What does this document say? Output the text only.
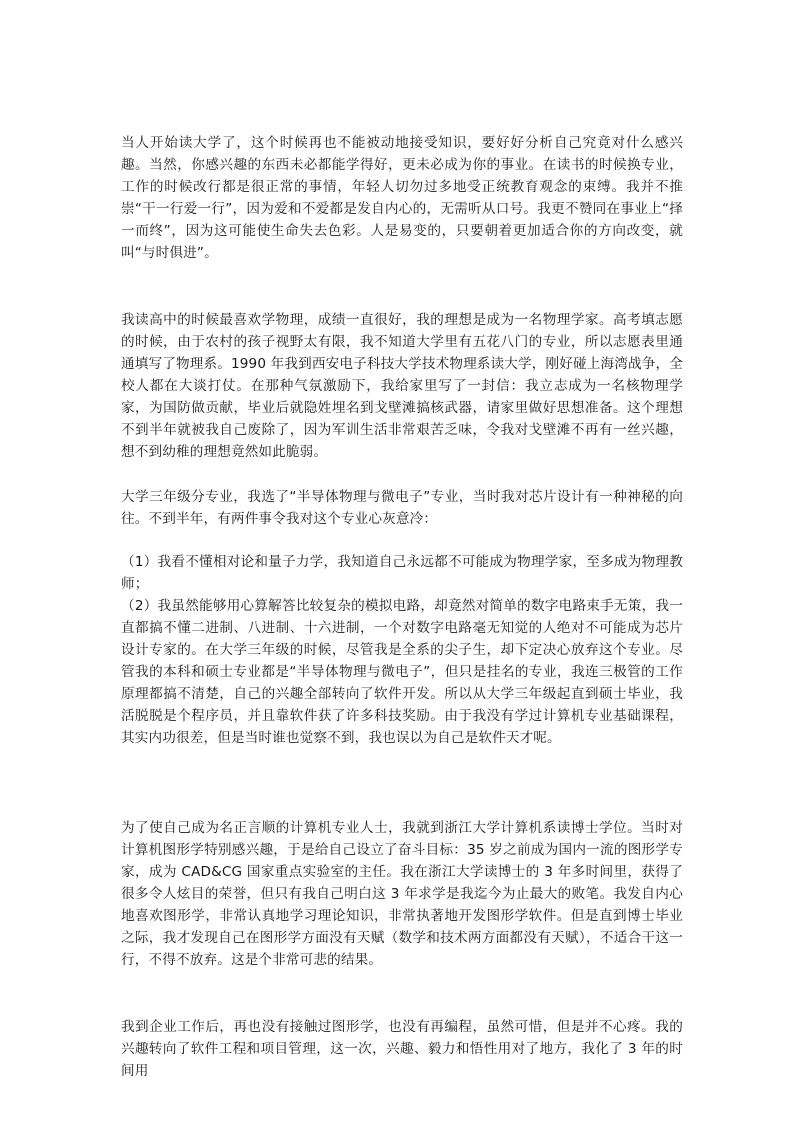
当人开始读大学了，这个时候再也不能被动地接受知识，要好好分析自己究竟对什么感兴趣。当然，你感兴趣的东西未必都能学得好，更未必成为你的事业。在读书的时候换专业，工作的时候改行都是很正常的事情，年轻人切勿过多地受正统教育观念的束缚。我并不推崇“干一行爱一行”，因为爱和不爱都是发自内心的，无需听从口号。我更不赞同在事业上“择一而终”，因为这可能使生命失去色彩。人是易变的，只要朝着更加适合你的方向改变，就叫“与时俱进”。

我读高中的时候最喜欢学物理，成绩一直很好，我的理想是成为一名物理学家。高考填志愿的时候，由于农村的孩子视野太有限，我不知道大学里有五花八门的专业，所以志愿表里通通填写了物理系。1990 年我到西安电子科技大学技术物理系读大学，刚好碰上海湾战争，全校人都在大谈打仗。在那种气氛激励下，我给家里写了一封信：我立志成为一名核物理学家，为国防做贡献，毕业后就隐姓埋名到戈壁滩搞核武器，请家里做好思想准备。这个理想不到半年就被我自己废除了，因为军训生活非常艰苦乏味，令我对戈壁滩不再有一丝兴趣，想不到幼稚的理想竟然如此脆弱。

大学三年级分专业，我选了“半导体物理与微电子”专业，当时我对芯片设计有一种神秘的向往。不到半年，有两件事令我对这个专业心灰意冷：

（1）我看不懂相对论和量子力学，我知道自己永远都不可能成为物理学家，至多成为物理教师；
（2）我虽然能够用心算解答比较复杂的模拟电路，却竟然对简单的数字电路束手无策，我一直都搞不懂二进制、八进制、十六进制，一个对数字电路毫无知觉的人绝对不可能成为芯片设计专家的。在大学三年级的时候，尽管我是全系的尖子生，却下定决心放弃这个专业。尽管我的本科和硕士专业都是“半导体物理与微电子”，但只是挂名的专业，我连三极管的工作原理都搞不清楚，自己的兴趣全部转向了软件开发。所以从大学三年级起直到硕士毕业，我活脱脱是个程序员，并且靠软件获了许多科技奖励。由于我没有学过计算机专业基础课程，其实内功很差，但是当时谁也觉察不到，我也误以为自己是软件天才呢。

为了使自己成为名正言顺的计算机专业人士，我就到浙江大学计算机系读博士学位。当时对计算机图形学特别感兴趣，于是给自己设立了奋斗目标：35 岁之前成为国内一流的图形学专家，成为 CAD&CG 国家重点实验室的主任。我在浙江大学读博士的 3 年多时间里，获得了很多令人炫目的荣誉，但只有我自己明白这 3 年求学是我迄今为止最大的败笔。我发自内心地喜欢图形学，非常认真地学习理论知识，非常执著地开发图形学软件。但是直到博士毕业之际，我才发现自己在图形学方面没有天赋（数学和技术两方面都没有天赋），不适合干这一行，不得不放弃。这是个非常可悲的结果。

我到企业工作后，再也没有接触过图形学，也没有再编程，虽然可惜，但是并不心疼。我的兴趣转向了软件工程和项目管理，这一次，兴趣、毅力和悟性用对了地方，我化了 3 年的时间用
